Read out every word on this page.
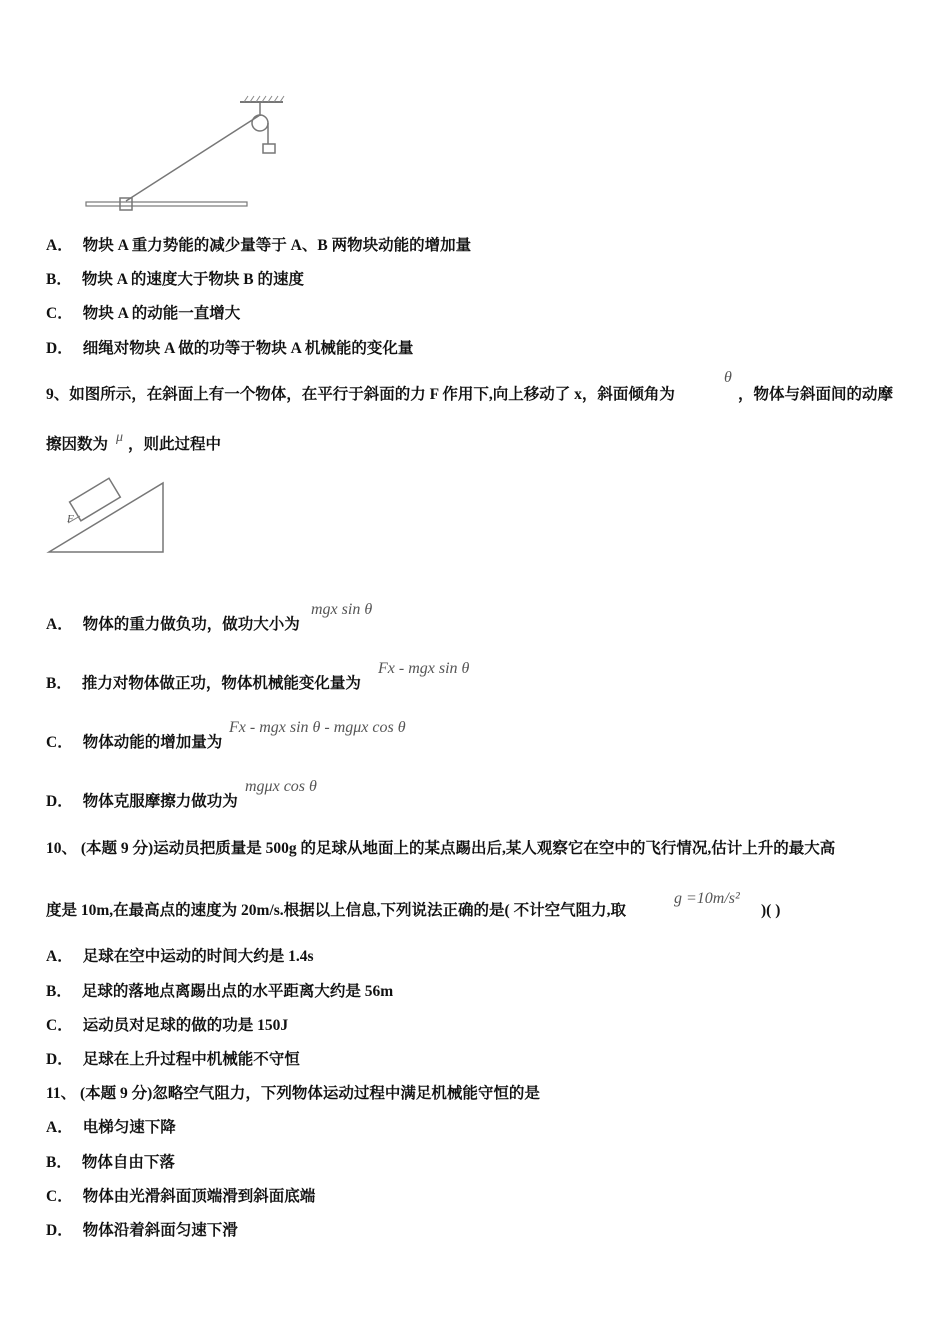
A． 物块 A 重力势能的减少量等于 A、B 两物块动能的增加量
B． 物块 A 的速度大于物块 B 的速度
C． 物块 A 的动能一直增大
D． 细绳对物块 A 做的功等于物块 A 机械能的变化量
9、如图所示，在斜面上有一个物体，在平行于斜面的力 F 作用下,向上移动了 x，斜面倾角为
θ
，物体与斜面间的动摩
擦因数为 μ ，则此过程中
F
A． 物体的重力做负功，做功大小为
mgx sin θ
B． 推力对物体做正功，物体机械能变化量为
Fx - mgx sin θ
C． 物体动能的增加量为
Fx - mgx sin θ - mgμx cos θ
D． 物体克服摩擦力做功为
mgμx cos θ
10、 (本题 9 分)运动员把质量是 500g 的足球从地面上的某点踢出后,某人观察它在空中的飞行情况,估计上升的最大高
度是 10m,在最高点的速度为 20m/s.根据以上信息,下列说法正确的是( 不计空气阻力,取
g =10m/s²
)( )
A． 足球在空中运动的时间大约是 1.4s
B． 足球的落地点离踢出点的水平距离大约是 56m
C． 运动员对足球的做的功是 150J
D． 足球在上升过程中机械能不守恒
11、 (本题 9 分)忽略空气阻力，下列物体运动过程中满足机械能守恒的是
A． 电梯匀速下降
B． 物体自由下落
C． 物体由光滑斜面顶端滑到斜面底端
D． 物体沿着斜面匀速下滑
